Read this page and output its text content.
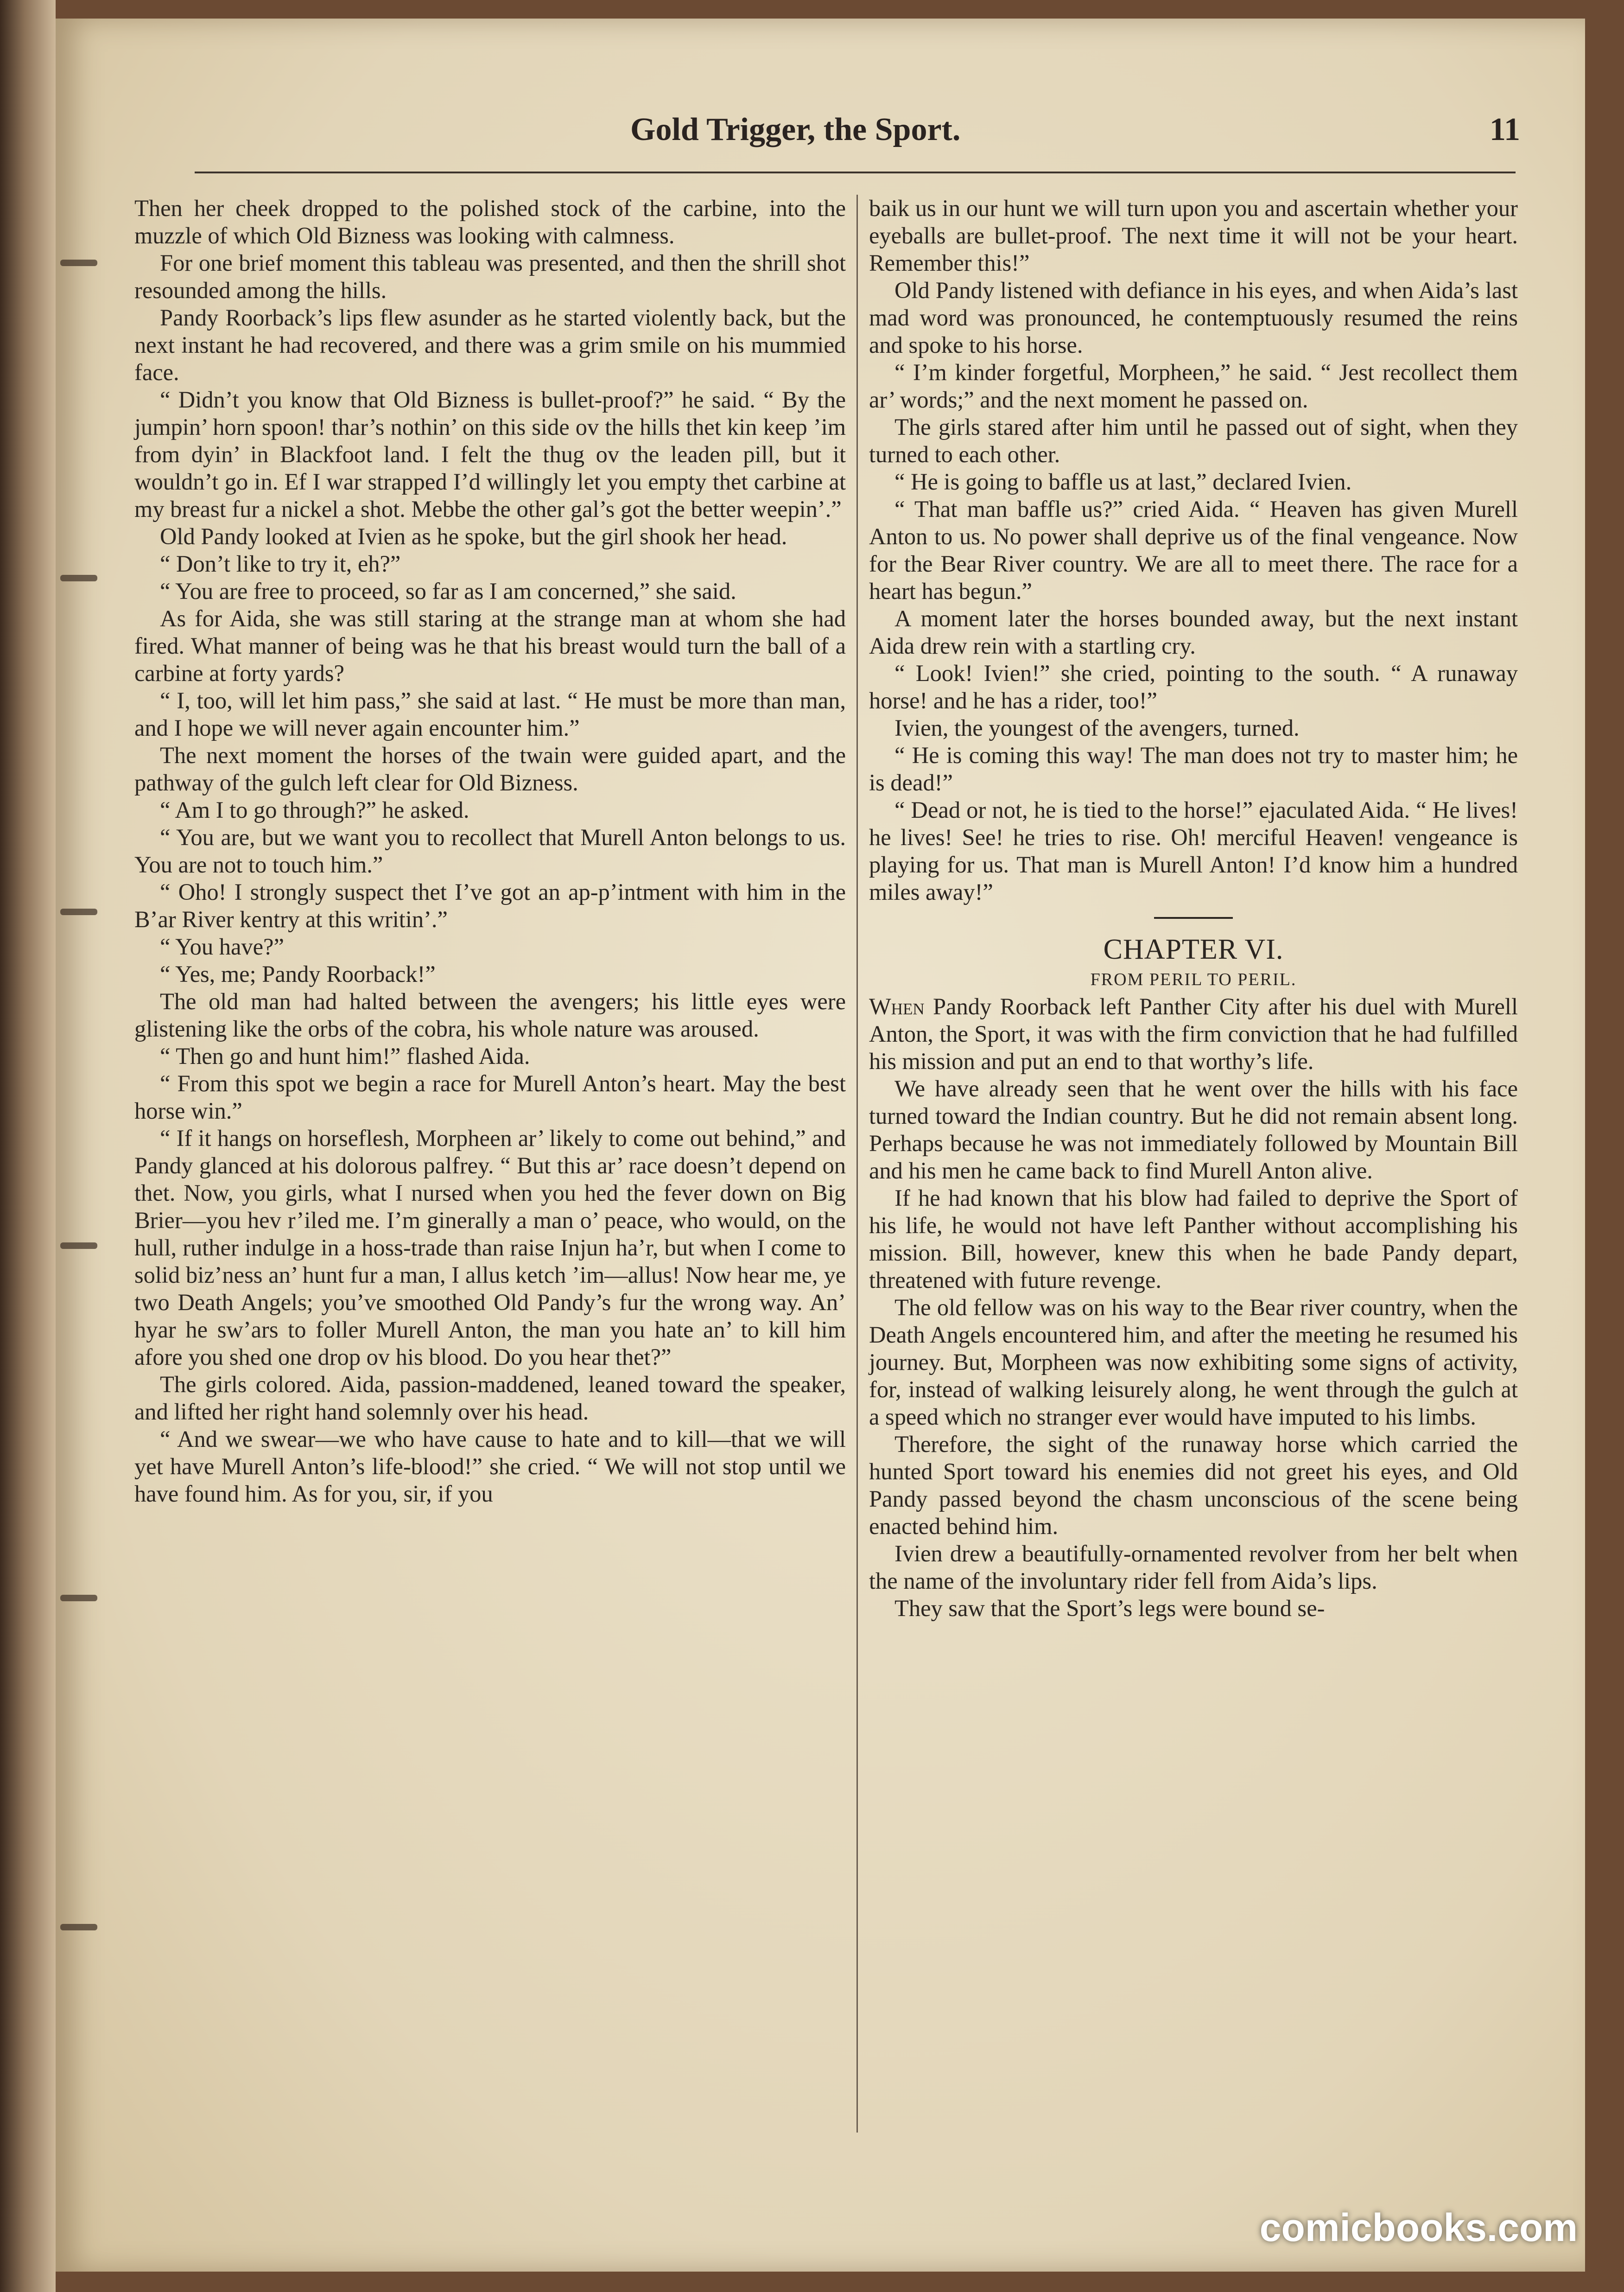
Gold Trigger, the Sport.	11

Then her cheek dropped to the polished stock of the carbine, into the muzzle of which Old Bizness was looking with calmness.

For one brief moment this tableau was presented, and then the shrill shot resounded among the hills.

Pandy Roorback’s lips flew asunder as he started violently back, but the next instant he had recovered, and there was a grim smile on his mummied face.

“ Didn’t you know that Old Bizness is bullet-proof?” he said. “ By the jumpin’ horn spoon! thar’s nothin’ on this side ov the hills thet kin keep ’im from dyin’ in Blackfoot land. I felt the thug ov the leaden pill, but it wouldn’t go in. Ef I war strapped I’d willingly let you empty thet carbine at my breast fur a nickel a shot. Mebbe the other gal’s got the better weepin’.”

Old Pandy looked at Ivien as he spoke, but the girl shook her head.

“ Don’t like to try it, eh?”

“ You are free to proceed, so far as I am concerned,” she said.

As for Aida, she was still staring at the strange man at whom she had fired. What manner of being was he that his breast would turn the ball of a carbine at forty yards?

“ I, too, will let him pass,” she said at last. “ He must be more than man, and I hope we will never again encounter him.”

The next moment the horses of the twain were guided apart, and the pathway of the gulch left clear for Old Bizness.

“ Am I to go through?” he asked.

“ You are, but we want you to recollect that Murell Anton belongs to us. You are not to touch him.”

“ Oho! I strongly suspect thet I’ve got an ap-p’intment with him in the B’ar River kentry at this writin’.”

“ You have?”

“ Yes, me; Pandy Roorback!”

The old man had halted between the avengers; his little eyes were glistening like the orbs of the cobra, his whole nature was aroused.

“ Then go and hunt him!” flashed Aida.

“ From this spot we begin a race for Murell Anton’s heart. May the best horse win.”

“ If it hangs on horseflesh, Morpheen ar’ likely to come out behind,” and Pandy glanced at his dolorous palfrey. “ But this ar’ race doesn’t depend on thet. Now, you girls, what I nursed when you hed the fever down on Big Brier—you hev r’iled me. I’m ginerally a man o’ peace, who would, on the hull, ruther indulge in a hoss-trade than raise Injun ha’r, but when I come to solid biz’ness an’ hunt fur a man, I allus ketch ’im—allus! Now hear me, ye two Death Angels; you’ve smoothed Old Pandy’s fur the wrong way. An’ hyar he sw’ars to foller Murell Anton, the man you hate an’ to kill him afore you shed one drop ov his blood. Do you hear thet?”

The girls colored. Aida, passion-maddened, leaned toward the speaker, and lifted her right hand solemnly over his head.

“ And we swear—we who have cause to hate and to kill—that we will yet have Murell Anton’s life-blood!” she cried. “ We will not stop until we have found him. As for you, sir, if you

baik us in our hunt we will turn upon you and ascertain whether your eyeballs are bullet-proof. The next time it will not be your heart. Remember this!”

Old Pandy listened with defiance in his eyes, and when Aida’s last mad word was pronounced, he contemptuously resumed the reins and spoke to his horse.

“ I’m kinder forgetful, Morpheen,” he said. “ Jest recollect them ar’ words;” and the next moment he passed on.

The girls stared after him until he passed out of sight, when they turned to each other.

“ He is going to baffle us at last,” declared Ivien.

“ That man baffle us?” cried Aida. “ Heaven has given Murell Anton to us. No power shall deprive us of the final vengeance. Now for the Bear River country. We are all to meet there. The race for a heart has begun.”

A moment later the horses bounded away, but the next instant Aida drew rein with a startling cry.

“ Look! Ivien!” she cried, pointing to the south. “ A runaway horse! and he has a rider, too!”

Ivien, the youngest of the avengers, turned.

“ He is coming this way! The man does not try to master him; he is dead!”

“ Dead or not, he is tied to the horse!” ejaculated Aida. “ He lives! he lives! See! he tries to rise. Oh! merciful Heaven! vengeance is playing for us. That man is Murell Anton! I’d know him a hundred miles away!”

CHAPTER VI.

FROM PERIL TO PERIL.

When Pandy Roorback left Panther City after his duel with Murell Anton, the Sport, it was with the firm conviction that he had fulfilled his mission and put an end to that worthy’s life.

We have already seen that he went over the hills with his face turned toward the Indian country. But he did not remain absent long. Perhaps because he was not immediately followed by Mountain Bill and his men he came back to find Murell Anton alive.

If he had known that his blow had failed to deprive the Sport of his life, he would not have left Panther without accomplishing his mission. Bill, however, knew this when he bade Pandy depart, threatened with future revenge.

The old fellow was on his way to the Bear river country, when the Death Angels encountered him, and after the meeting he resumed his journey. But, Morpheen was now exhibiting some signs of activity, for, instead of walking leisurely along, he went through the gulch at a speed which no stranger ever would have imputed to his limbs.

Therefore, the sight of the runaway horse which carried the hunted Sport toward his enemies did not greet his eyes, and Old Pandy passed beyond the chasm unconscious of the scene being enacted behind him.

Ivien drew a beautifully-ornamented revolver from her belt when the name of the involuntary rider fell from Aida’s lips.

They saw that the Sport’s legs were bound se-

comicbooks.com
